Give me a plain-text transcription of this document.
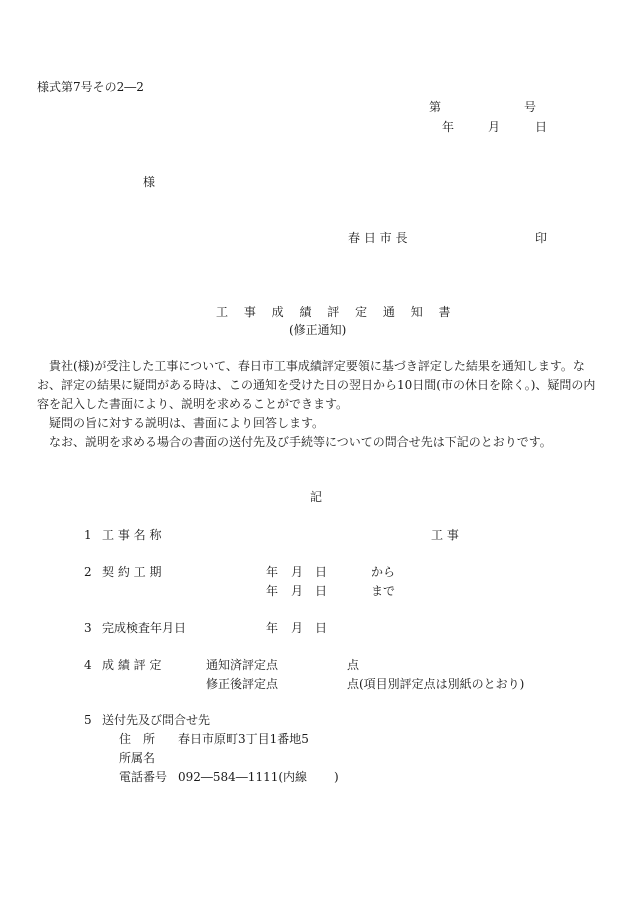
様式第7号その2―2
第	号
年	月	日
様
春 日 市 長	印
工 事 成 績 評 定 通 知 書
(修正通知)

貴社(様)が受注した工事について、春日市工事成績評定要領に基づき評定した結果を通知します。なお、評定の結果に疑問がある時は、この通知を受けた日の翌日から10日間(市の休日を除く。)、疑問の内容を記入した書面により、説明を求めることができます。

疑問の旨に対する説明は、書面により回答します。

なお、説明を求める場合の書面の送付先及び手続等についての問合せ先は下記のとおりです。

記
1 工 事 名 称	工 事
2 契 約 工 期	年 月 日	から
年 月 日	まで
3 完成検査年月日	年 月 日
4 成 績 評 定	通知済評定点	点
修正後評定点	点(項目別評定点は別紙のとおり)
5 送付先及び問合せ先
住　所 春日市原町3丁目1番地5
所属名
電話番号 092―584―1111(内線 )
